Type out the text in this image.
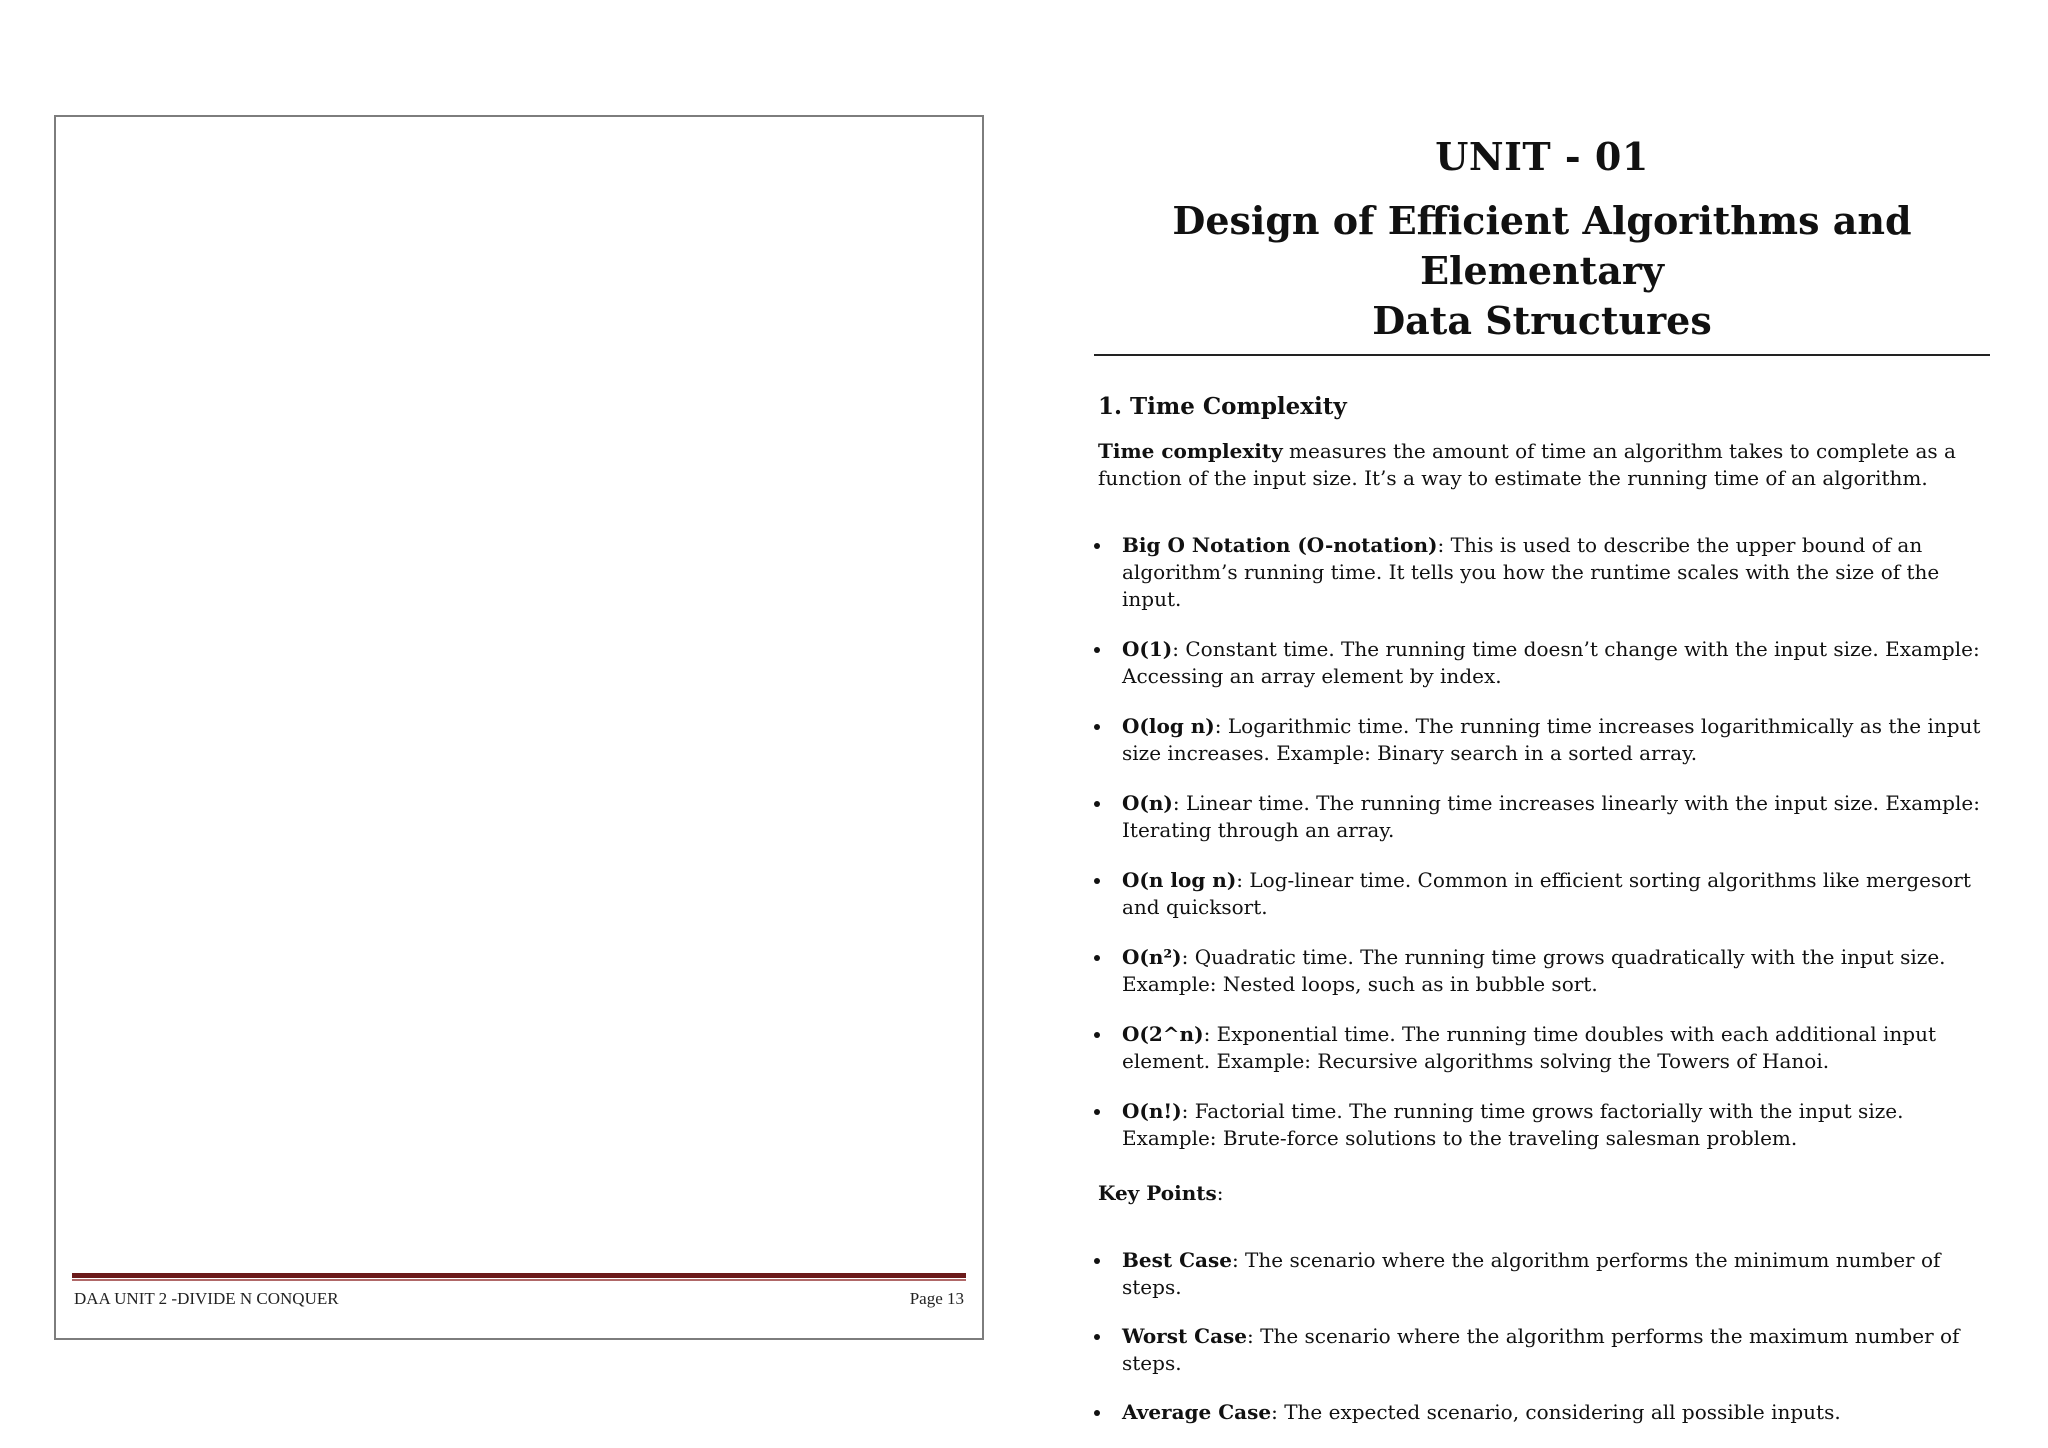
DAA UNIT 2 -DIVIDE N CONQUER	Page 13
UNIT - 01
Design of Efficient Algorithms and Elementary
Data Structures
1. Time Complexity

Time complexity measures the amount of time an algorithm takes to complete as a function of the input size. It’s a way to estimate the running time of an algorithm.

Big O Notation (O-notation): This is used to describe the upper bound of an algorithm’s running time. It tells you how the runtime scales with the size of the input.
O(1): Constant time. The running time doesn’t change with the input size. Example: Accessing an array element by index.
O(log n): Logarithmic time. The running time increases logarithmically as the input size increases. Example: Binary search in a sorted array.
O(n): Linear time. The running time increases linearly with the input size. Example: Iterating through an array.
O(n log n): Log-linear time. Common in efficient sorting algorithms like mergesort and quicksort.
O(n²): Quadratic time. The running time grows quadratically with the input size. Example: Nested loops, such as in bubble sort.
O(2^n): Exponential time. The running time doubles with each additional input element. Example: Recursive algorithms solving the Towers of Hanoi.
O(n!): Factorial time. The running time grows factorially with the input size. Example: Brute-force solutions to the traveling salesman problem.
Key Points:
Best Case: The scenario where the algorithm performs the minimum number of steps.
Worst Case: The scenario where the algorithm performs the maximum number of steps.
Average Case: The expected scenario, considering all possible inputs.
